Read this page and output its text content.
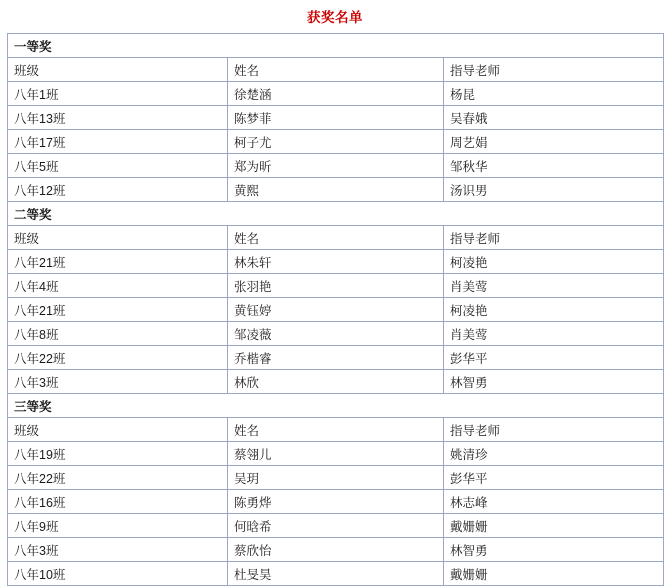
获奖名单
一等奖		
班级	姓名	指导老师
八年1班	徐楚涵	杨昆
八年13班	陈梦菲	吴春娥
八年17班	柯子尤	周艺娟
八年5班	郑为昕	邹秋华
八年12班	黄熙	汤识男
二等奖		
班级	姓名	指导老师
八年21班	林朱轩	柯凌艳
八年4班	张羽艳	肖美莺
八年21班	黄钰婷	柯凌艳
八年8班	邹凌薇	肖美莺
八年22班	乔楷睿	彭华平
八年3班	林欣	林智勇
三等奖		
班级	姓名	指导老师
八年19班	蔡翎儿	姚清珍
八年22班	吴玥	彭华平
八年16班	陈勇烨	林志峰
八年9班	何晗希	戴姗姗
八年3班	蔡欣怡	林智勇
八年10班	杜旻昊	戴姗姗
